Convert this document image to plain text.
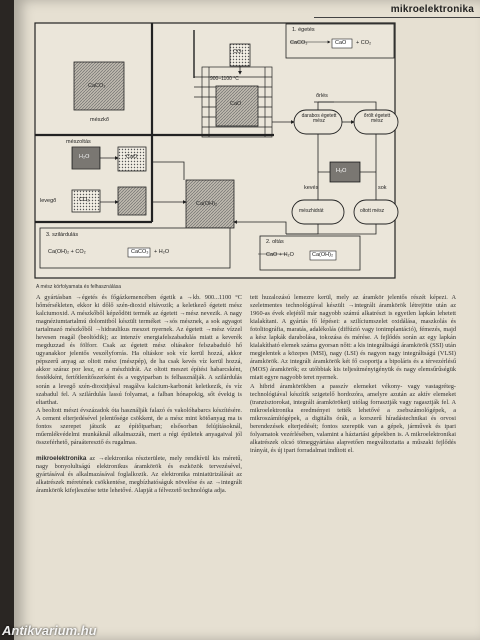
mikroelektronika
1. égetés
CaCO₃	CaO + CO₂
CO₂
900–1100 °C
CaO
CaCO₃
mészkő
őrlés
darabos égetett mész
őrölt égetett mész
mészoltás
H₂O	CaO
levegő	CO₂
H₂O
Ca(OH)₂
kevés	sok
mészhidrát	oltott mész
3. szilárdulás
Ca(OH)₂ + CO₂	CaCO₃ + H₂O
2. oltás
CaO + H₂O	Ca(OH)₂
A mész körfolyamata és felhasználása

A gyártásban →égetés és főgázkemencében égetik a →kb. 900...1100 °C hőmérsékleten, ekkor ki dőlő szén-dioxid eltávozik; a keletkező égetett mész kalciumoxid. A mészkőből képződött termék az égetett →mész nevezik. A nagy magnéziumtartalmú dolomitból készült terméket →sós mésznek, a sok agyagot tartalmazó mészkőből →hidraulikus meszet nyernek. Az égetett →mész vízzel hevesen reagál (beoltódik); az intenzív energiafelszabadulás miatt a keverék megduzzad és fölforr. Csak az égetett mész oltásakor felszabaduló hő ugyanakkor jelentős veszélyforrás. Ha oltáskor sok víz kerül hozzá, akkor pépszerű anyag az oltott mész (mészpép), de ha csak kevés víz kerül hozzá, akkor száraz por lesz, ez a mészhidrát. Az oltott meszet építési habarcsként, festékként, fertőtlenítőszerként és a vegyiparban is felhasználják. A szilárdulás során a levegő szén-dioxidjával reagálva kalcium-karbonát keletkezik, és víz szabadul fel. A szilárdulás lassú folyamat, a falban hónapokig, sőt évekig is eltarthat.

A beoltott mészt évszázadok óta használják falazó és vakolóhabarcs készítésére. A cement elterjedésével jelentősége csökkent, de a mész mint kötőanyag ma is fontos szerepet játszik az építőiparban; elsősorban felújításoknál, műemlékvédelmi munkáknál alkalmazzák, mert a régi épületek anyagaival jól összeférhető, páraáteresztő és rugalmas.

mikroelektronika az →elektronika részterülete, mely rendkívül kis méretű, nagy bonyolultságú elektronikus áramkörök és eszközök tervezésével, gyártásával és alkalmazásával foglalkozik. Az elektronika miniatürizálását az alkatrészek méretének csökkentése, megbízhatóságuk növelése és az →integrált áramkörök kifejlesztése tette lehetővé. Alapját a félvezető technológia adja.

tett huzalozású lemezre kerül, mely az áramkör jelentős részét képezi. A szeletmentes technológiával készült →integrált áramkörök létrejötte után az 1960-as évek elejétől már nagyobb számú alkatrészt is egyetlen lapkán lehetett kialakítani. A gyártás fő lépései: a szilíciumszelet oxidálása, maszkolás és fotolitográfia, maratás, adalékolás (diffúzió vagy ionimplantáció), fémezés, majd a kész lapkák darabolása, tokozása és mérése. A fejlődés során az egy lapkán kialakítható elemek száma gyorsan nőtt: a kis integráltságú áramkörök (SSI) után megjelentek a közepes (MSI), nagy (LSI) és nagyon nagy integráltságú (VLSI) áramkörök. Az integrált áramkörök két fő csoportja a bipoláris és a térvezérlésű (MOS) áramkörök; ez utóbbiak kis teljesítményigényük és nagy elemsűrűségük miatt egyre nagyobb teret nyernek.

A hibrid áramkörökben a passzív elemeket vékony- vagy vastagréteg-technológiával készítik szigetelő hordozóra, amelyre azután az aktív elemeket (tranzisztorokat, integrált áramköröket) utólag forrasztják vagy ragasztják fel. A mikroelektronika eredményei tették lehetővé a zsebszámológépek, a mikroszámítógépek, a digitális órák, a korszerű híradástechnikai és orvosi berendezések elterjedését; fontos szerepük van a gépek, járművek és ipari folyamatok vezérlésében, valamint a háztartási gépekben is. A mikroelektronikai alkatrészek olcsó tömeggyártása alapvetően megváltoztatta a műszaki fejlődés irányát, és új ipari forradalmat indított el.

Antikvarium.hu
